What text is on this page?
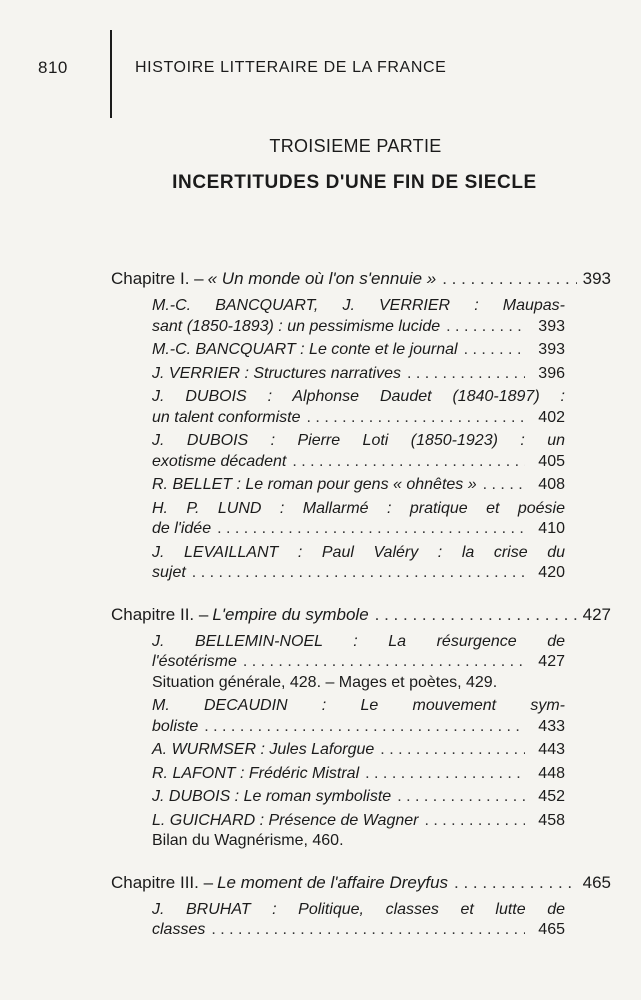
810	HISTOIRE LITTERAIRE DE LA FRANCE
TROISIEME PARTIE
INCERTITUDES D'UNE FIN DE SIECLE
Chapitre I. – « Un monde où l'on s'ennuie » . . .	393
M.-C. BANCQUART, J. VERRIER : Maupas-
sant (1850-1893) : un pessimisme lucide . . .	393
M.-C. BANCQUART : Le conte et le journal . . .	393
J. VERRIER : Structures narratives . . .	396
J. DUBOIS : Alphonse Daudet (1840-1897) :
un talent conformiste . . .	402
J. DUBOIS : Pierre Loti (1850-1923) : un
exotisme décadent . . .	405
R. BELLET : Le roman pour gens « ohnêtes » . . .	408
H. P. LUND : Mallarmé : pratique et poésie
de l'idée . . .	410
J. LEVAILLANT : Paul Valéry : la crise du
sujet . . .	420
Chapitre II. – L'empire du symbole . . .	427
J. BELLEMIN-NOEL : La résurgence de
l'ésotérisme . . .	427
Situation générale, 428. – Mages et poètes, 429.
M. DECAUDIN : Le mouvement sym-
boliste . . .	433
A. WURMSER : Jules Laforgue . . .	443
R. LAFONT : Frédéric Mistral . . .	448
J. DUBOIS : Le roman symboliste . . .	452
L. GUICHARD : Présence de Wagner . . .	458
Bilan du Wagnérisme, 460.
Chapitre III. – Le moment de l'affaire Dreyfus . . .	465
J. BRUHAT : Politique, classes et lutte de
classes . . .	465
